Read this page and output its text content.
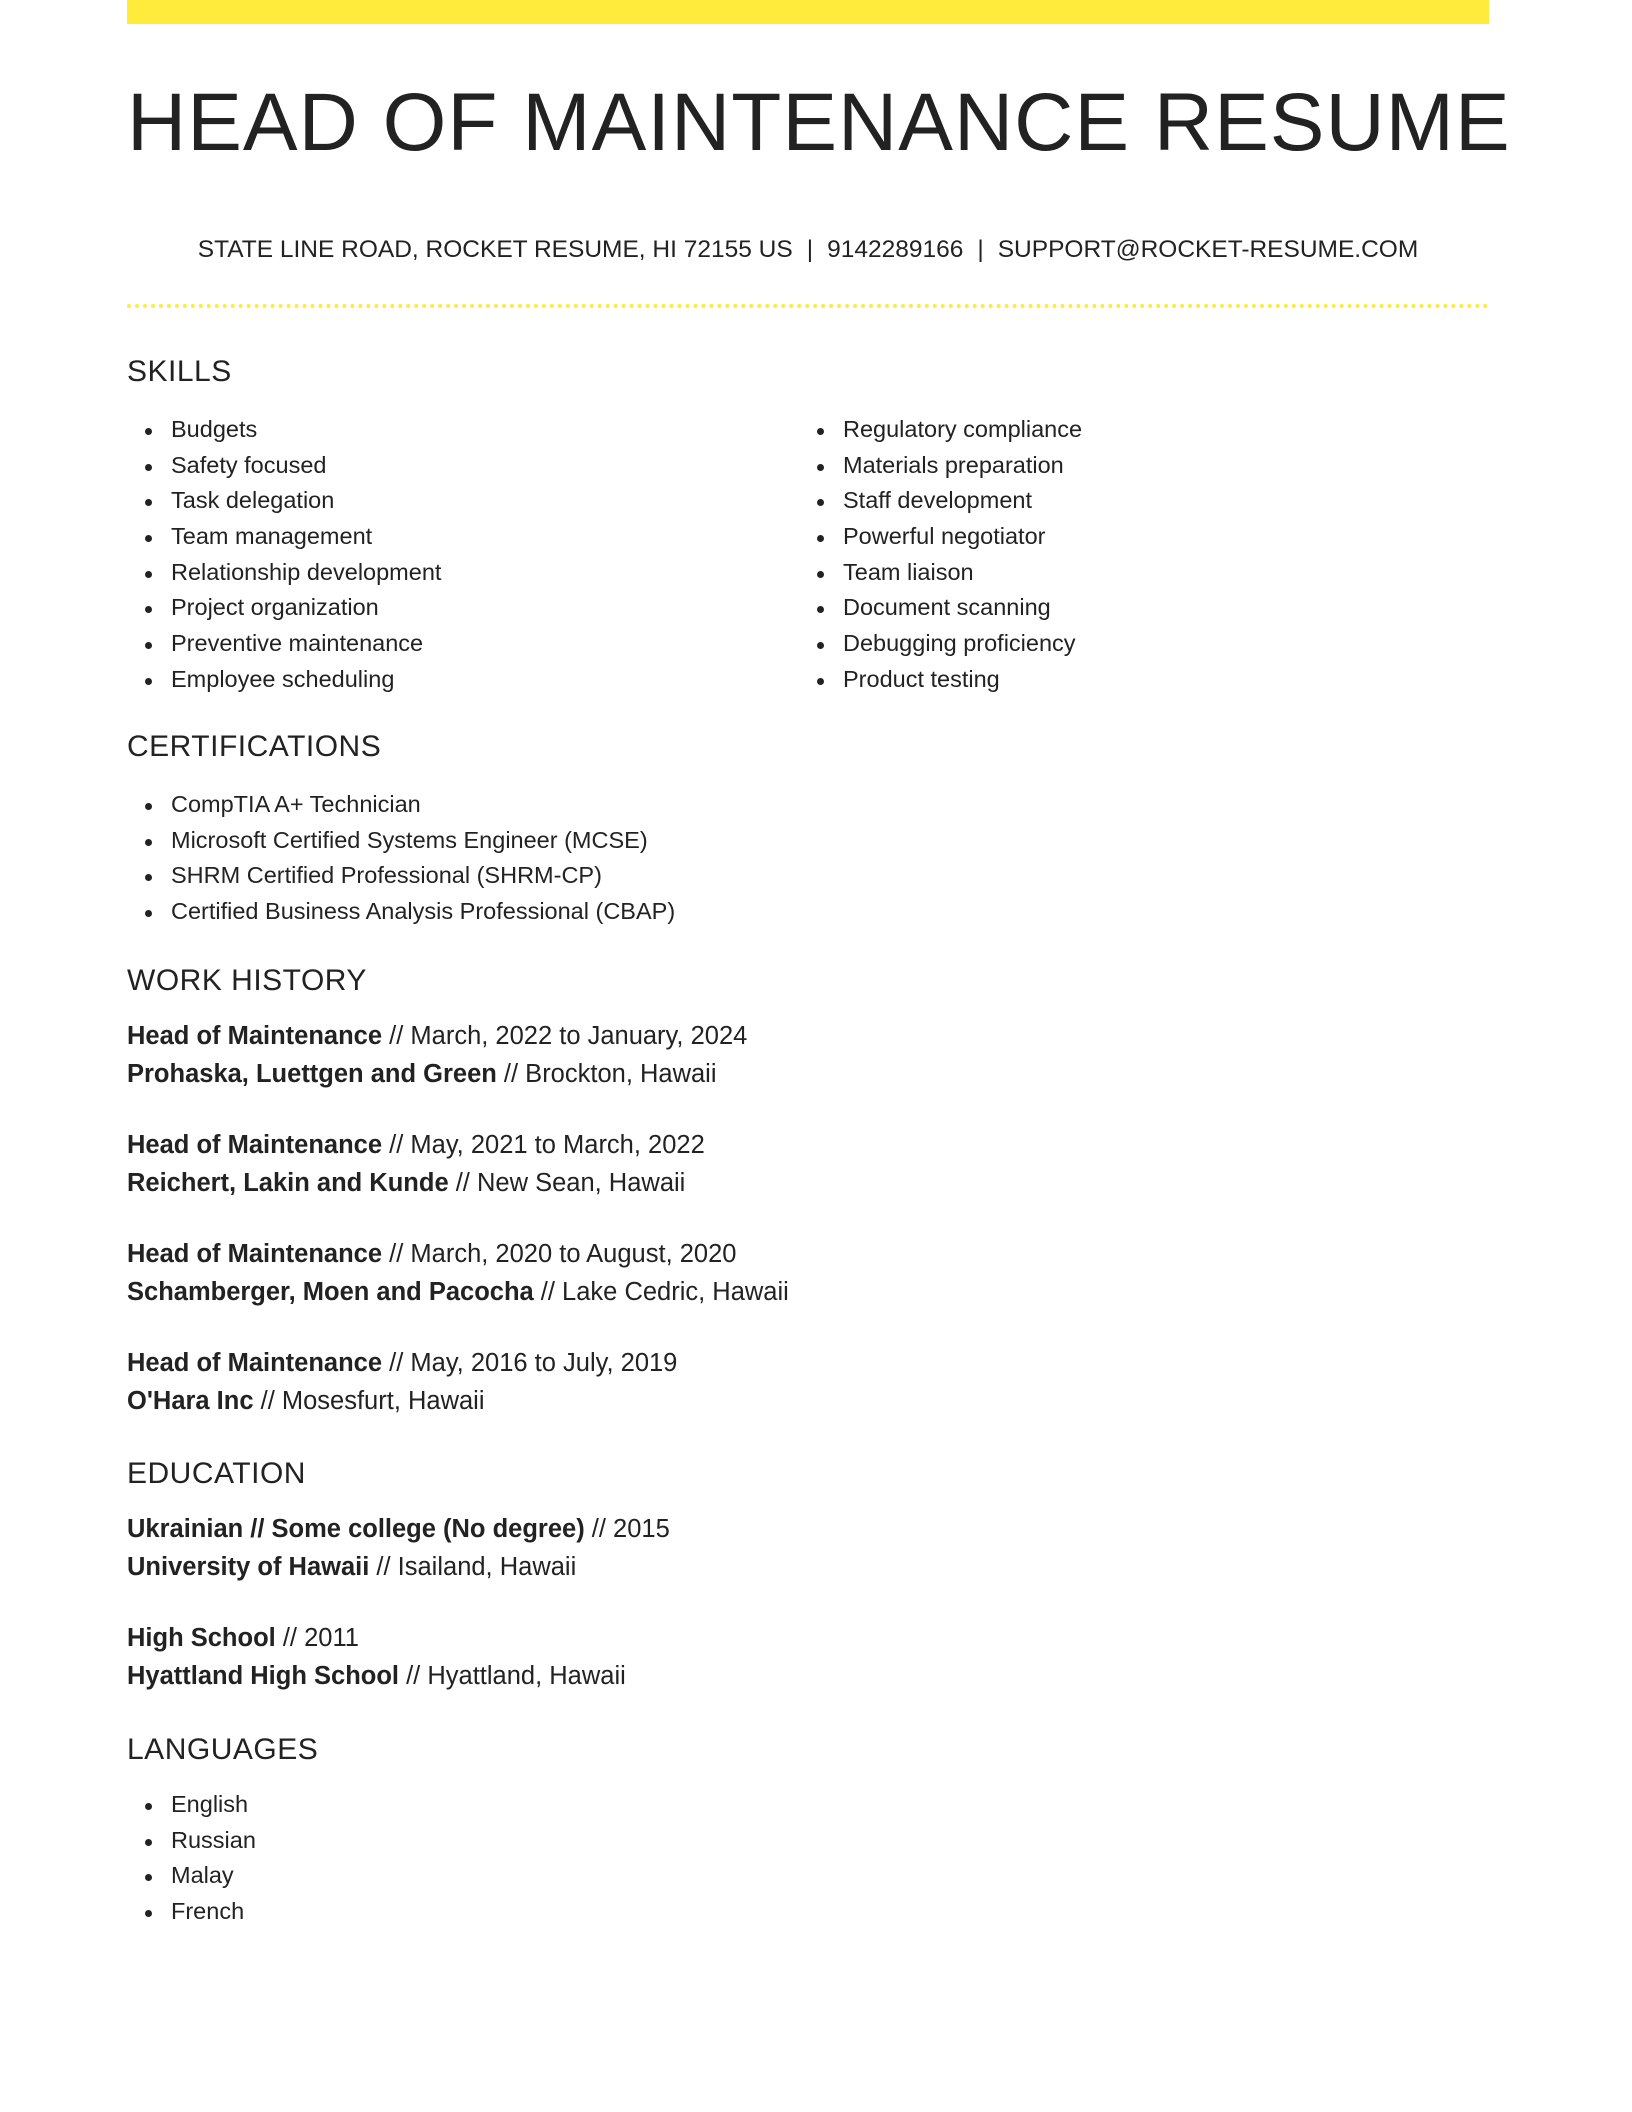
HEAD OF MAINTENANCE RESUME
STATE LINE ROAD, ROCKET RESUME, HI 72155 US | 9142289166 | SUPPORT@ROCKET-RESUME.COM
SKILLS
Budgets
Safety focused
Task delegation
Team management
Relationship development
Project organization
Preventive maintenance
Employee scheduling
Regulatory compliance
Materials preparation
Staff development
Powerful negotiator
Team liaison
Document scanning
Debugging proficiency
Product testing
CERTIFICATIONS
CompTIA A+ Technician
Microsoft Certified Systems Engineer (MCSE)
SHRM Certified Professional (SHRM-CP)
Certified Business Analysis Professional (CBAP)
WORK HISTORY
Head of Maintenance // March, 2022 to January, 2024
Prohaska, Luettgen and Green // Brockton, Hawaii
Head of Maintenance // May, 2021 to March, 2022
Reichert, Lakin and Kunde // New Sean, Hawaii
Head of Maintenance // March, 2020 to August, 2020
Schamberger, Moen and Pacocha // Lake Cedric, Hawaii
Head of Maintenance // May, 2016 to July, 2019
O'Hara Inc // Mosesfurt, Hawaii
EDUCATION
Ukrainian // Some college (No degree) // 2015
University of Hawaii // Isailand, Hawaii
High School // 2011
Hyattland High School // Hyattland, Hawaii
LANGUAGES
English
Russian
Malay
French
